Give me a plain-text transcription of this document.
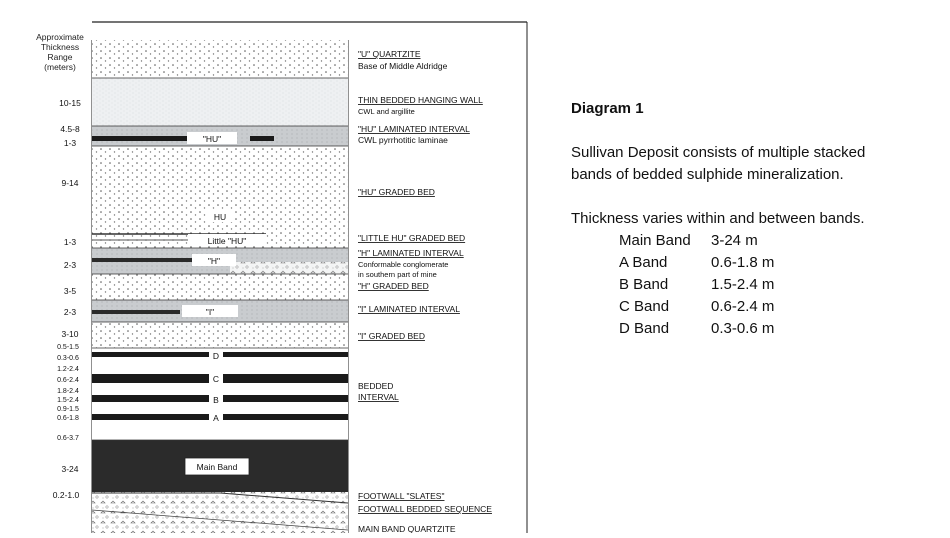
Approximate
Thickness
Range
(meters)
"HU"
HU
Little "HU"
"H"
"I"
D
C
B
A
Main Band
10-15
4.5-8
1-3
9-14
1-3
2-3
3-5
2-3
3-10
0.5-1.5
0.3-0.6
1.2-2.4
0.6-2.4
1.8-2.4
1.5-2.4
0.9-1.5
0.6-1.8
0.6-3.7
3-24
0.2-1.0
"U" QUARTZITE
Base of Middle Aldridge
THIN BEDDED HANGING WALL
CWL and argillite
"HU" LAMINATED INTERVAL
CWL pyrrhotitic laminae
"HU" GRADED BED
"LITTLE HU" GRADED BED
"H" LAMINATED INTERVAL
Conformable conglomerate
in southern part of mine
"H" GRADED BED
"I" LAMINATED INTERVAL
"I" GRADED BED
BEDDED
INTERVAL
FOOTWALL "SLATES"
FOOTWALL BEDDED SEQUENCE
MAIN BAND QUARTZITE

Diagram 1

Sullivan Deposit consists of multiple stacked

bands of bedded sulphide mineralization.

Thickness varies within and between bands.

Main Band	3-24 m
A Band	0.6-1.8 m
B Band	1.5-2.4 m
C Band	0.6-2.4 m
D Band	0.3-0.6 m
